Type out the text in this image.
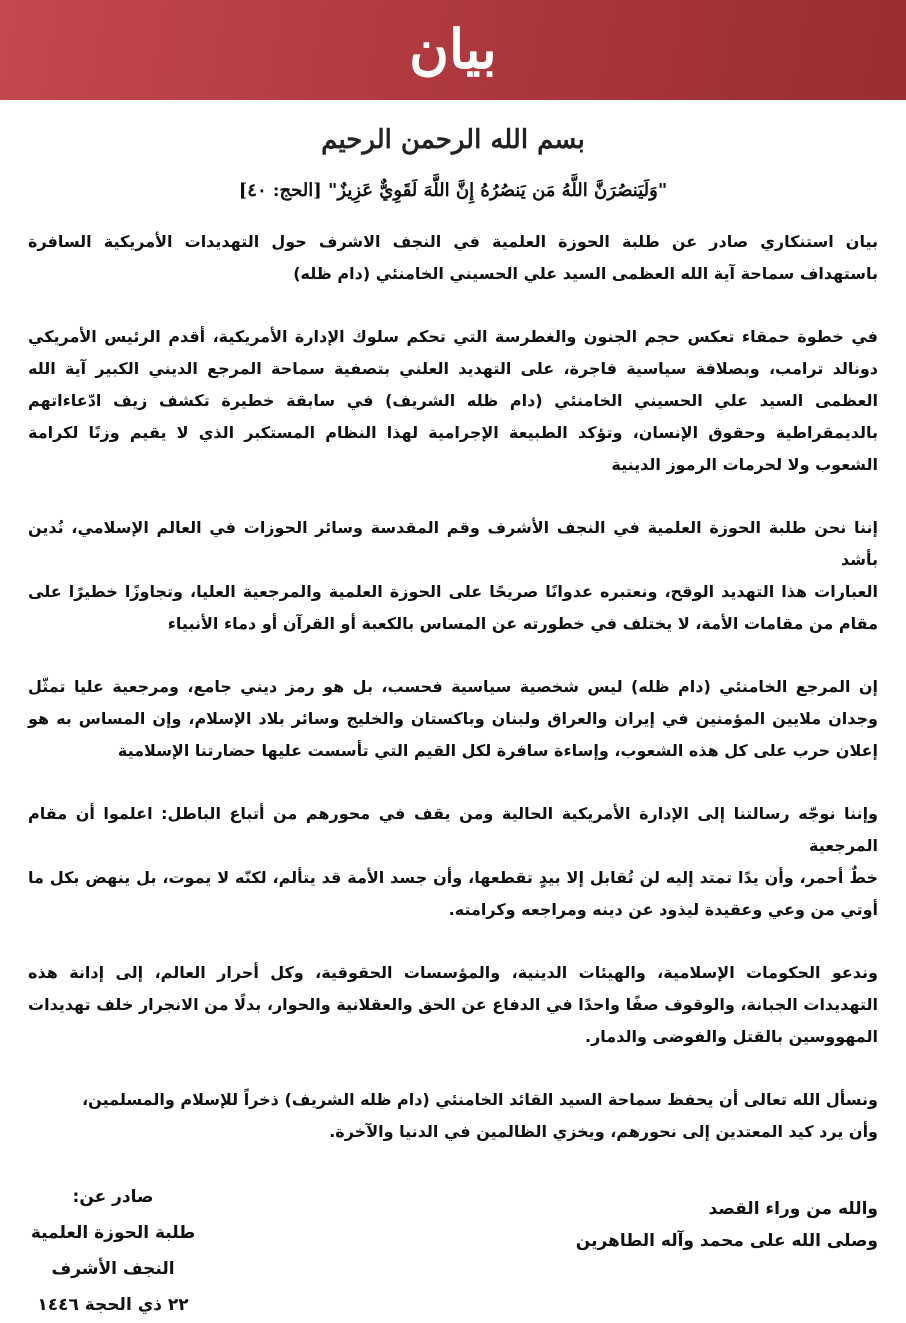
بيان
بسم الله الرحمن الرحيم
"وَلَيَنصُرَنَّ اللَّهُ مَن يَنصُرُهُ إِنَّ اللَّهَ لَقَوِيٌّ عَزِيزٌ" [الحج: ٤٠]
بيان استنكاري صادر عن طلبة الحوزة العلمية في النجف الاشرف حول التهديدات الأمريكية السافرة
باستهداف سماحة آية الله العظمى السيد علي الحسيني الخامنئي (دام ظله)
في خطوة حمقاء تعكس حجم الجنون والغطرسة التي تحكم سلوك الإدارة الأمريكية، أقدم الرئيس الأمريكي
دونالد ترامب، وبصلافة سياسية فاجرة، على التهديد العلني بتصفية سماحة المرجع الديني الكبير آية الله
العظمى السيد علي الحسيني الخامنئي (دام ظله الشريف) في سابقة خطيرة تكشف زيف ادّعاءاتهم
بالديمقراطية وحقوق الإنسان، وتؤكد الطبيعة الإجرامية لهذا النظام المستكبر الذي لا يقيم وزنًا لكرامة
الشعوب ولا لحرمات الرموز الدينية
إننا نحن طلبة الحوزة العلمية في النجف الأشرف وقم المقدسة وسائر الحوزات في العالم الإسلامي، نُدين بأشد
العبارات هذا التهديد الوقح، ونعتبره عدوانًا صريحًا على الحوزة العلمية والمرجعية العليا، وتجاوزًا خطيرًا على
مقام من مقامات الأمة، لا يختلف في خطورته عن المساس بالكعبة أو القرآن أو دماء الأنبياء
إن المرجع الخامنئي (دام ظله) ليس شخصية سياسية فحسب، بل هو رمز ديني جامع، ومرجعية عليا تمثّل
وجدان ملايين المؤمنين في إيران والعراق ولبنان وباكستان والخليج وسائر بلاد الإسلام، وإن المساس به هو
إعلان حرب على كل هذه الشعوب، وإساءة سافرة لكل القيم التي تأسست عليها حضارتنا الإسلامية
وإننا نوجّه رسالتنا إلى الإدارة الأمريكية الحالية ومن يقف في محورهم من أتباع الباطل: اعلموا أن مقام المرجعية
خطٌ أحمر، وأن يدًا تمتد إليه لن تُقابل إلا بيدٍ تقطعها، وأن جسد الأمة قد يتألم، لكنّه لا يموت، بل ينهض بكل ما
أوتي من وعي وعقيدة ليذود عن دينه ومراجعه وكرامته.
وندعو الحكومات الإسلامية، والهيئات الدينية، والمؤسسات الحقوقية، وكل أحرار العالم، إلى إدانة هذه
التهديدات الجبانة، والوقوف صفًا واحدًا في الدفاع عن الحق والعقلانية والحوار، بدلًا من الانجرار خلف تهديدات
المهووسين بالقتل والفوضى والدمار.
ونسأل الله تعالى أن يحفظ سماحة السيد القائد الخامنئي (دام ظله الشريف) ذخراً للإسلام والمسلمين،
وأن يرد كيد المعتدين إلى نحورهم، ويخزي الظالمين في الدنيا والآخرة.
والله من وراء القصد
وصلى الله على محمد وآله الطاهرين
صادر عن:
طلبة الحوزة العلمية
النجف الأشرف
٢٢ ذي الحجة ١٤٤٦
